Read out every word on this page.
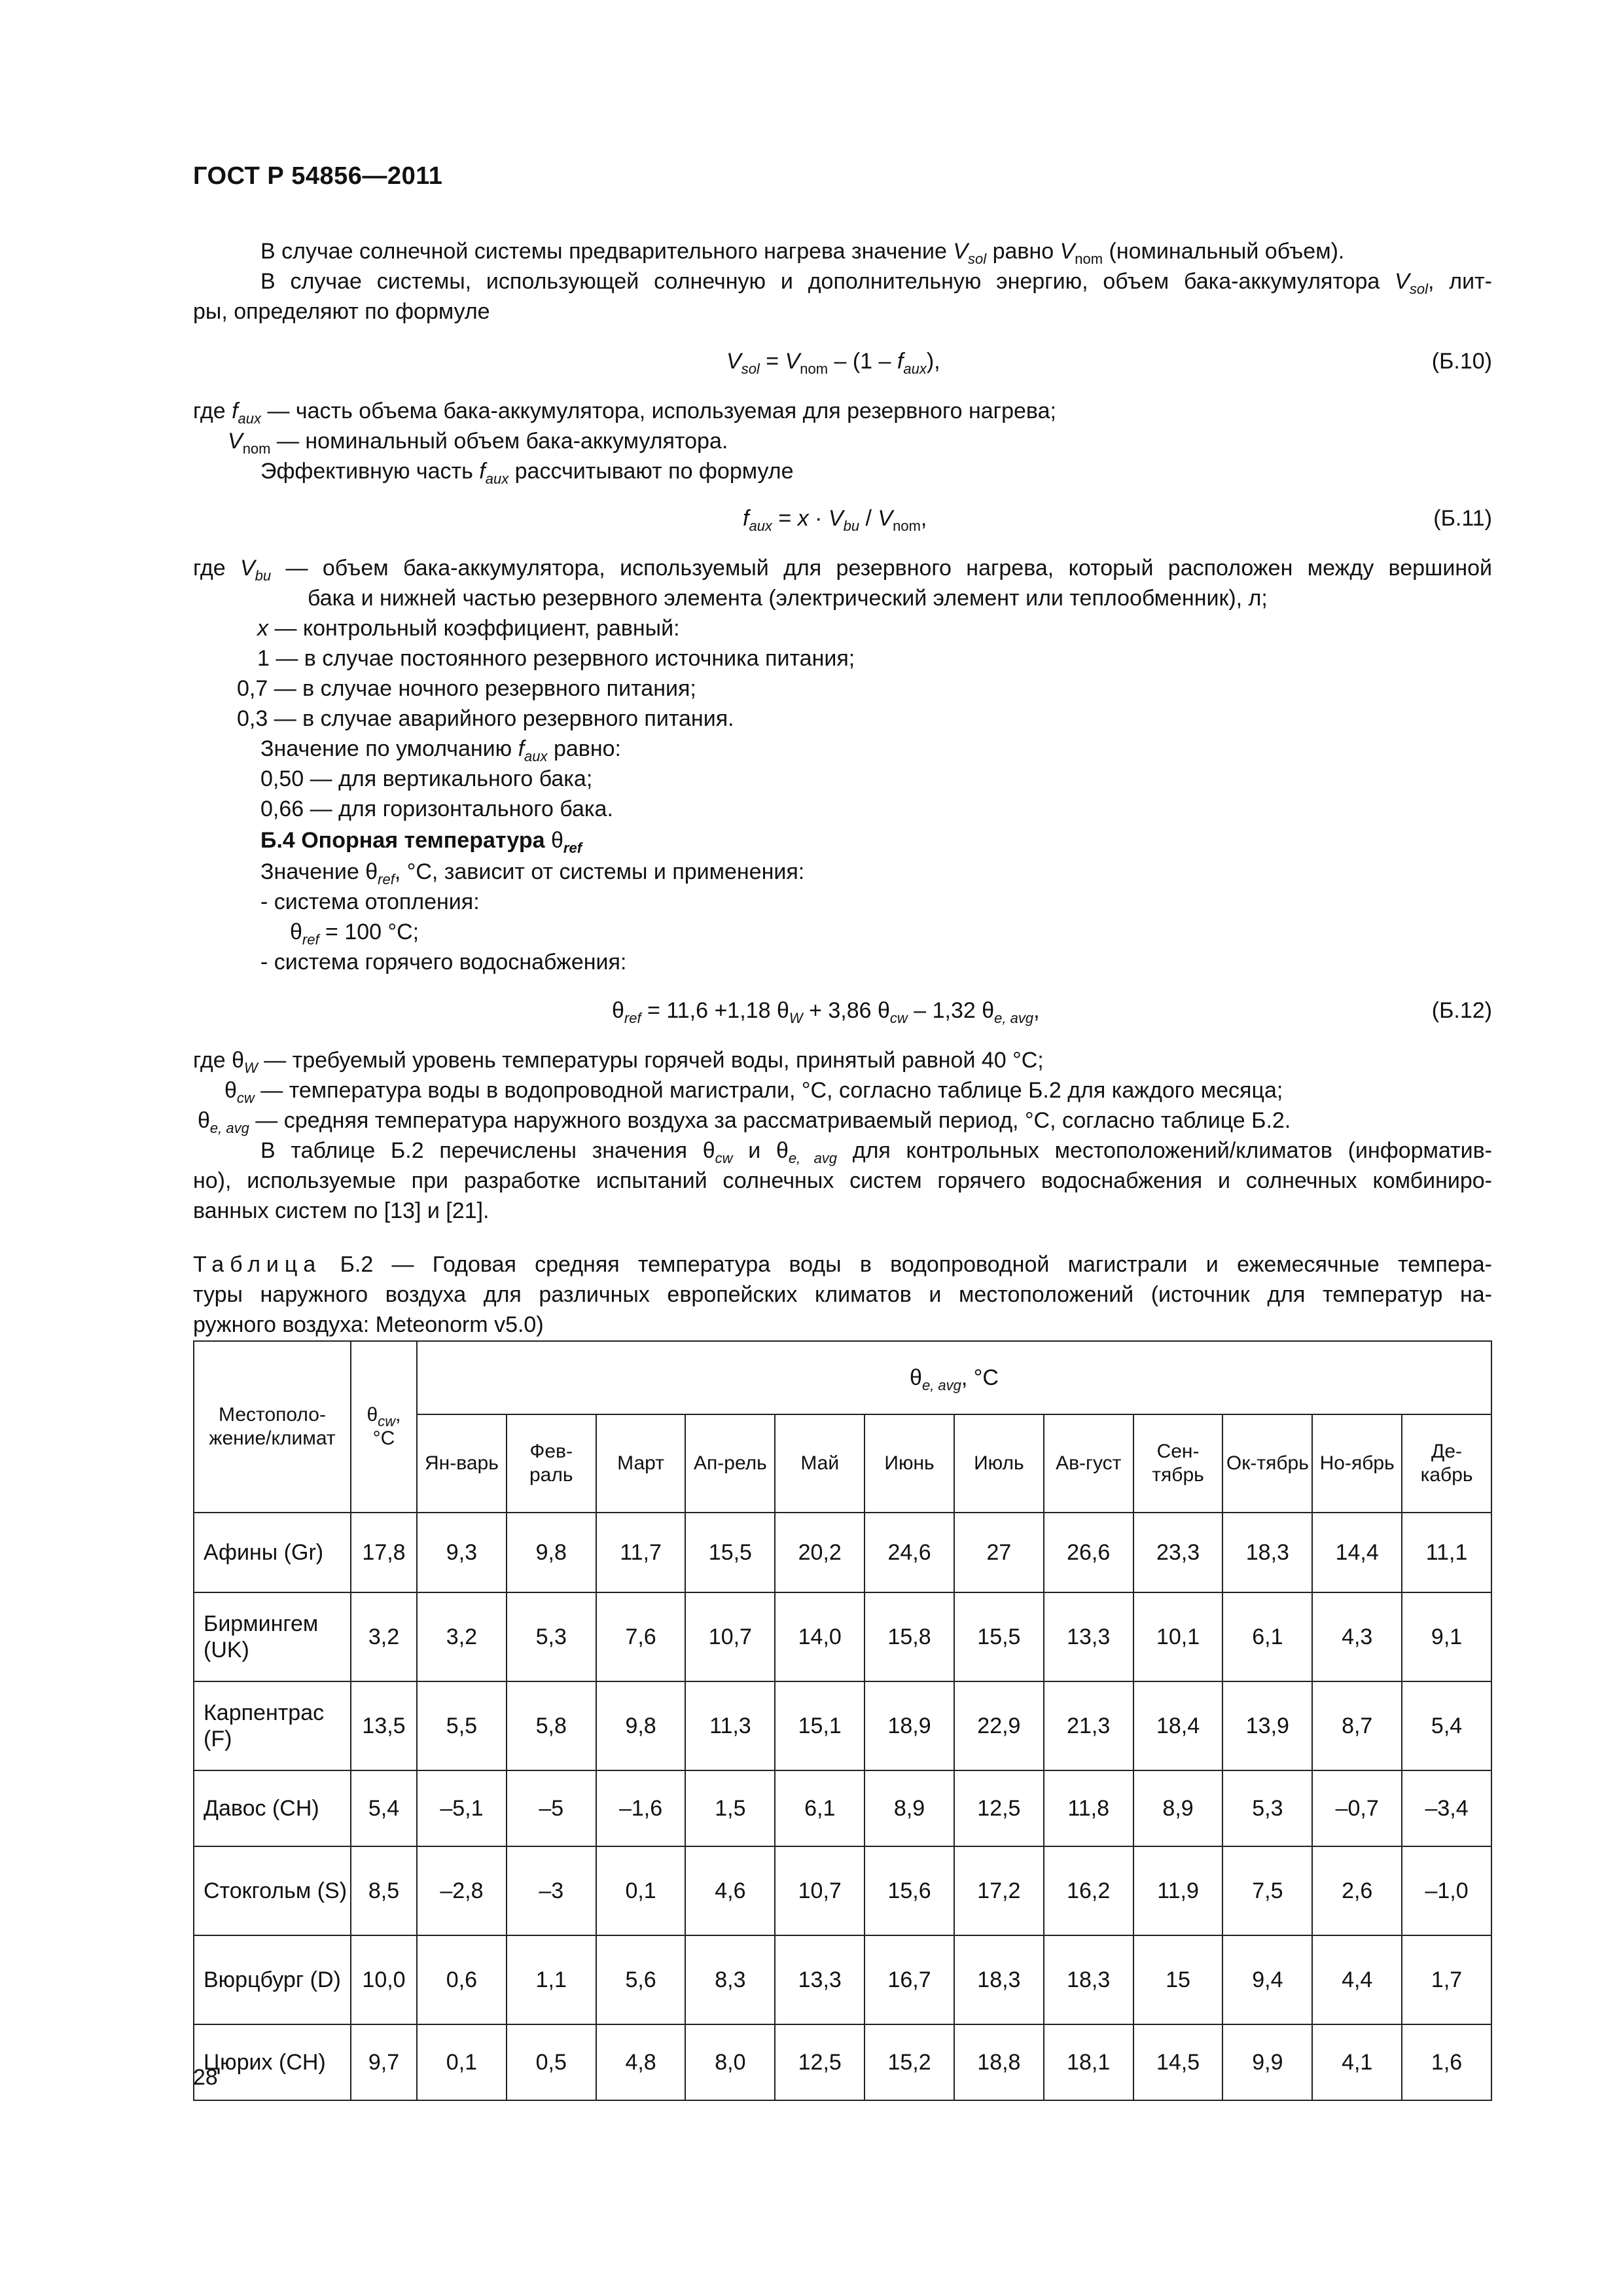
ГОСТ Р 54856—2011
В случае солнечной системы предварительного нагрева значение $V_{sol}$ равно $V_{nom}$ (номинальный объем).
В случае системы, использующей солнечную и дополнительную энергию, объем бака-аккумулятора $V_{sol}$, лит-
ры, определяют по формуле
$V_{sol} = V_{nom} - (1 - f_{aux})$,	(Б.10)
где $f_{aux}$ — часть объема бака-аккумулятора, используемая для резервного нагрева;
$V_{nom}$ — номинальный объем бака-аккумулятора.
Эффективную часть $f_{aux}$ рассчитывают по формуле
$f_{aux} = x \cdot V_{bu} / V_{nom}$,	(Б.11)
где $V_{bu}$ — объем бака-аккумулятора, используемый для резервного нагрева, который расположен между вершиной
бака и нижней частью резервного элемента (электрический элемент или теплообменник), л;
x — контрольный коэффициент, равный:
1 — в случае постоянного резервного источника питания;
0,7 — в случае ночного резервного питания;
0,3 — в случае аварийного резервного питания.
Значение по умолчанию $f_{aux}$ равно:
0,50 — для вертикального бака;
0,66 — для горизонтального бака.
Б.4 Опорная температура $\theta_{ref}$
Значение $\theta_{ref}$, °C, зависит от системы и применения:
- система отопления:
$\theta_{ref} = 100$ °C;
- система горячего водоснабжения:
$\theta_{ref} = 11,6 +1,18$ $\theta_W + 3,86$ $\theta_{cw} - 1,32$ $\theta_{e, avg}$,	(Б.12)
где $\theta_W$ — требуемый уровень температуры горячей воды, принятый равной 40 °C;
$\theta_{cw}$ — температура воды в водопроводной магистрали, °C, согласно таблице Б.2 для каждого месяца;
$\theta_{e, avg}$ — средняя температура наружного воздуха за рассматриваемый период, °C, согласно таблице Б.2.
В таблице Б.2 перечислены значения $\theta_{cw}$ и $\theta_{e, avg}$ для контрольных местоположений/климатов (информатив-
но), используемые при разработке испытаний солнечных систем горячего водоснабжения и солнечных комбиниро-
ванных систем по [13] и [21].
Таблица Б.2 — Годовая средняя температура воды в водопроводной магистрали и ежемесячные темпера-
туры наружного воздуха для различных европейских климатов и местоположений (источник для температур на-
ружного воздуха: Meteonorm v5.0)
Местополо-жение/климат	$\theta_{cw}$, °C	$\theta_{e, avg}$, °C											
		Ян-варь	Фев-раль	Март	Ап-рель	Май	Июнь	Июль	Ав-густ	Сен-тябрь	Ок-тябрь	Но-ябрь	Де-кабрь
Афины (Gr)	17,8	9,3	9,8	11,7	15,5	20,2	24,6	27	26,6	23,3	18,3	14,4	11,1
Бирмингем (UK)	3,2	3,2	5,3	7,6	10,7	14,0	15,8	15,5	13,3	10,1	6,1	4,3	9,1
Карпентрас (F)	13,5	5,5	5,8	9,8	11,3	15,1	18,9	22,9	21,3	18,4	13,9	8,7	5,4
Давос (СН)	5,4	–5,1	–5	–1,6	1,5	6,1	8,9	12,5	11,8	8,9	5,3	–0,7	–3,4
Стокгольм (S)	8,5	–2,8	–3	0,1	4,6	10,7	15,6	17,2	16,2	11,9	7,5	2,6	–1,0
Вюрцбург (D)	10,0	0,6	1,1	5,6	8,3	13,3	16,7	18,3	18,3	15	9,4	4,4	1,7
Цюрих (СН)	9,7	0,1	0,5	4,8	8,0	12,5	15,2	18,8	18,1	14,5	9,9	4,1	1,6
28
